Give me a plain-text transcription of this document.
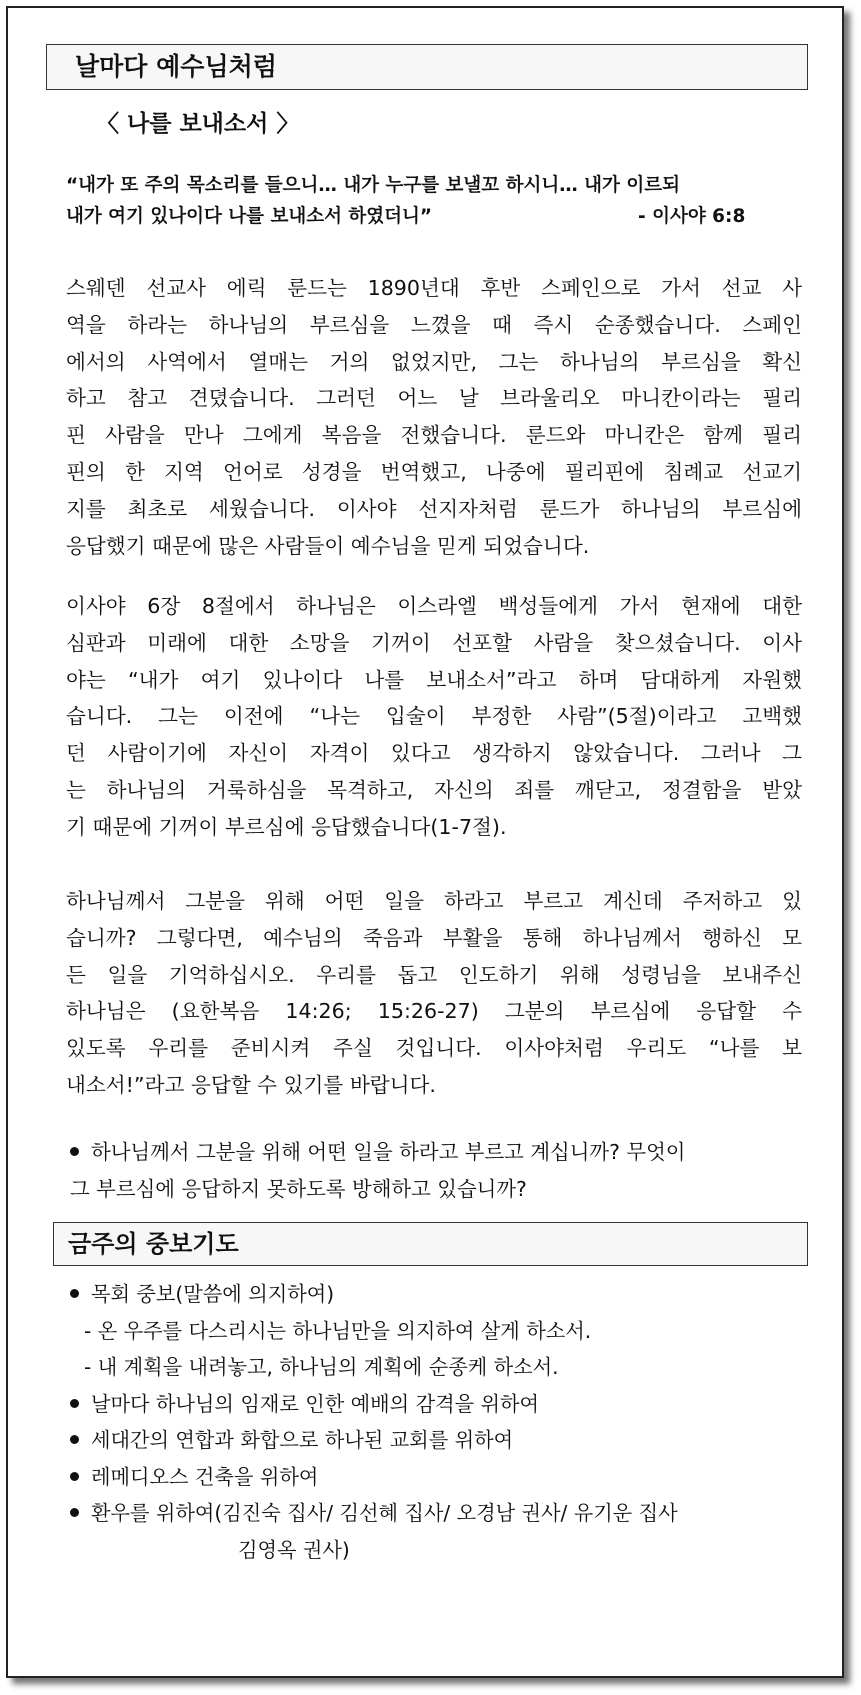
날마다 예수님처럼
〈 나를 보내소서 〉
“내가 또 주의 목소리를 들으니… 내가 누구를 보낼꼬 하시니… 내가 이르되
내가 여기 있나이다 나를 보내소서 하였더니”	- 이사야 6:8
스웨덴 선교사 에릭 룬드는 1890년대 후반 스페인으로 가서 선교 사
역을 하라는 하나님의 부르심을 느꼈을 때 즉시 순종했습니다. 스페인
에서의 사역에서 열매는 거의 없었지만, 그는 하나님의 부르심을 확신
하고 참고 견뎠습니다. 그러던 어느 날 브라울리오 마니칸이라는 필리
핀 사람을 만나 그에게 복음을 전했습니다. 룬드와 마니칸은 함께 필리
핀의 한 지역 언어로 성경을 번역했고, 나중에 필리핀에 침례교 선교기
지를 최초로 세웠습니다. 이사야 선지자처럼 룬드가 하나님의 부르심에
응답했기 때문에 많은 사람들이 예수님을 믿게 되었습니다.
이사야 6장 8절에서 하나님은 이스라엘 백성들에게 가서 현재에 대한
심판과 미래에 대한 소망을 기꺼이 선포할 사람을 찾으셨습니다. 이사
야는 “내가 여기 있나이다 나를 보내소서”라고 하며 담대하게 자원했
습니다. 그는 이전에 “나는 입술이 부정한 사람”(5절)이라고 고백했
던 사람이기에 자신이 자격이 있다고 생각하지 않았습니다. 그러나 그
는 하나님의 거룩하심을 목격하고, 자신의 죄를 깨닫고, 정결함을 받았
기 때문에 기꺼이 부르심에 응답했습니다(1-7절).
하나님께서 그분을 위해 어떤 일을 하라고 부르고 계신데 주저하고 있
습니까? 그렇다면, 예수님의 죽음과 부활을 통해 하나님께서 행하신 모
든 일을 기억하십시오. 우리를 돕고 인도하기 위해 성령님을 보내주신
하나님은 (요한복음 14:26; 15:26-27) 그분의 부르심에 응답할 수
있도록 우리를 준비시켜 주실 것입니다. 이사야처럼 우리도 “나를 보
내소서!”라고 응답할 수 있기를 바랍니다.
하나님께서 그분을 위해 어떤 일을 하라고 부르고 계십니까? 무엇이
그 부르심에 응답하지 못하도록 방해하고 있습니까?
금주의 중보기도
목회 중보(말씀에 의지하여)
- 온 우주를 다스리시는 하나님만을 의지하여 살게 하소서.
- 내 계획을 내려놓고, 하나님의 계획에 순종케 하소서.
날마다 하나님의 임재로 인한 예배의 감격을 위하여
세대간의 연합과 화합으로 하나된 교회를 위하여
레메디오스 건축을 위하여
환우를 위하여(김진숙 집사/ 김선혜 집사/ 오경남 권사/ 유기운 집사
김영옥 권사)
